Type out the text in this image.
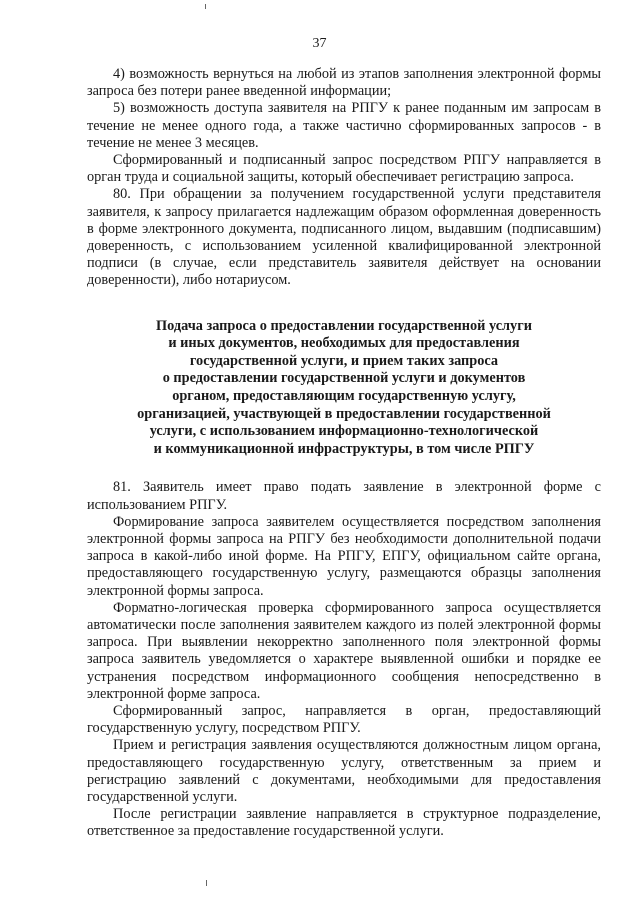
37

4) возможность вернуться на любой из этапов заполнения электронной формы запроса без потери ранее введенной информации;

5) возможность доступа заявителя на РПГУ к ранее поданным им запросам в течение не менее одного года, а также частично сформированных запросов - в течение не менее 3 месяцев.

Сформированный и подписанный запрос посредством РПГУ направляется в орган труда и социальной защиты, который обеспечивает регистрацию запроса.

80. При обращении за получением государственной услуги представителя заявителя, к запросу прилагается надлежащим образом оформленная доверенность в форме электронного документа, подписанного лицом, выдавшим (подписавшим) доверенность, с использованием усиленной квалифицированной электронной подписи (в случае, если представитель заявителя действует на основании доверенности), либо нотариусом.

Подача запроса о предоставлении государственной услуги
и иных документов, необходимых для предоставления
государственной услуги, и прием таких запроса
о предоставлении государственной услуги и документов
органом, предоставляющим государственную услугу,
организацией, участвующей в предоставлении государственной
услуги, с использованием информационно-технологической
и коммуникационной инфраструктуры, в том числе РПГУ

81. Заявитель имеет право подать заявление в электронной форме с использованием РПГУ.

Формирование запроса заявителем осуществляется посредством заполнения электронной формы запроса на РПГУ без необходимости дополнительной подачи запроса в какой-либо иной форме. На РПГУ, ЕПГУ, официальном сайте органа, предоставляющего государственную услугу, размещаются образцы заполнения электронной формы запроса.

Форматно-логическая проверка сформированного запроса осуществляется автоматически после заполнения заявителем каждого из полей электронной формы запроса. При выявлении некорректно заполненного поля электронной формы запроса заявитель уведомляется о характере выявленной ошибки и порядке ее устранения посредством информационного сообщения непосредственно в электронной форме запроса.

Сформированный запрос, направляется в орган, предоставляющий государственную услугу, посредством РПГУ.

Прием и регистрация заявления осуществляются должностным лицом органа, предоставляющего государственную услугу, ответственным за прием и регистрацию заявлений с документами, необходимыми для предоставления государственной услуги.

После регистрации заявление направляется в структурное подразделение, ответственное за предоставление государственной услуги.
